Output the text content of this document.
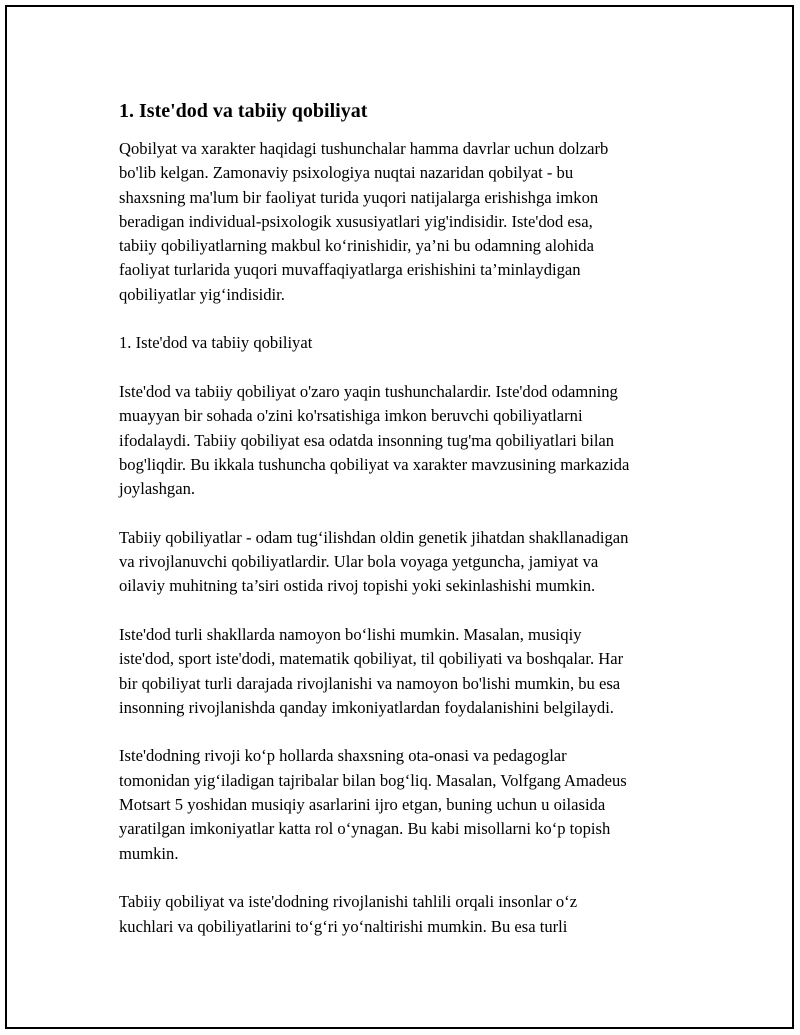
1. Iste'dod va tabiiy qobiliyat
Qobilyat va xarakter haqidagi tushunchalar hamma davrlar uchun dolzarb
bo'lib kelgan. Zamonaviy psixologiya nuqtai nazaridan qobilyat - bu
shaxsning ma'lum bir faoliyat turida yuqori natijalarga erishishga imkon
beradigan individual-psixologik xususiyatlari yig'indisidir. Iste'dod esa,
tabiiy qobiliyatlarning makbul ko‘rinishidir, ya’ni bu odamning alohida
faoliyat turlarida yuqori muvaffaqiyatlarga erishishini ta’minlaydigan
qobiliyatlar yig‘indisidir.
1. Iste'dod va tabiiy qobiliyat
Iste'dod va tabiiy qobiliyat o'zaro yaqin tushunchalardir. Iste'dod odamning
muayyan bir sohada o'zini ko'rsatishiga imkon beruvchi qobiliyatlarni
ifodalaydi. Tabiiy qobiliyat esa odatda insonning tug'ma qobiliyatlari bilan
bog'liqdir. Bu ikkala tushuncha qobiliyat va xarakter mavzusining markazida
joylashgan.
Tabiiy qobiliyatlar - odam tug‘ilishdan oldin genetik jihatdan shakllanadigan
va rivojlanuvchi qobiliyatlardir. Ular bola voyaga yetguncha, jamiyat va
oilaviy muhitning ta’siri ostida rivoj topishi yoki sekinlashishi mumkin.
Iste'dod turli shakllarda namoyon bo‘lishi mumkin. Masalan, musiqiy
iste'dod, sport iste'dodi, matematik qobiliyat, til qobiliyati va boshqalar. Har
bir qobiliyat turli darajada rivojlanishi va namoyon bo'lishi mumkin, bu esa
insonning rivojlanishda qanday imkoniyatlardan foydalanishini belgilaydi.
Iste'dodning rivoji ko‘p hollarda shaxsning ota-onasi va pedagoglar
tomonidan yig‘iladigan tajribalar bilan bog‘liq. Masalan, Volfgang Amadeus
Motsart 5 yoshidan musiqiy asarlarini ijro etgan, buning uchun u oilasida
yaratilgan imkoniyatlar katta rol o‘ynagan. Bu kabi misollarni ko‘p topish
mumkin.
Tabiiy qobiliyat va iste'dodning rivojlanishi tahlili orqali insonlar o‘z
kuchlari va qobiliyatlarini to‘g‘ri yo‘naltirishi mumkin. Bu esa turli
